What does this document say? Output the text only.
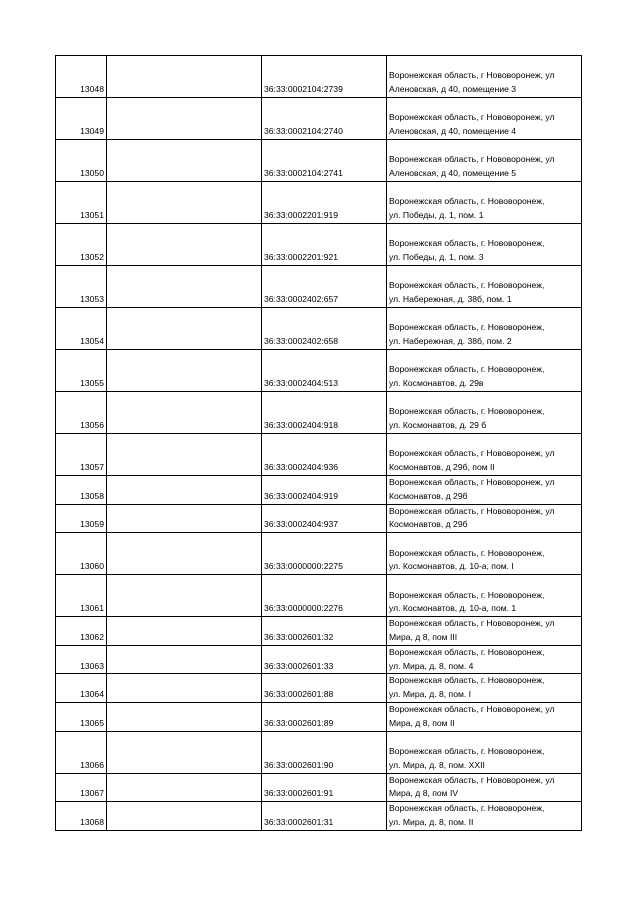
13048		36:33:0002104:2739	Воронежская область, г Нововоронеж, ул
Аленовская, д 40, помещение 3

13049		36:33:0002104:2740	Воронежская область, г Нововоронеж, ул
Аленовская, д 40, помещение 4

13050		36:33:0002104:2741	Воронежская область, г Нововоронеж, ул
Аленовская, д 40, помещение 5

13051		36:33:0002201:919	Воронежская область, г. Нововоронеж,
ул. Победы, д. 1, пом. 1

13052		36:33:0002201:921	Воронежская область, г. Нововоронеж,
ул. Победы, д. 1, пом. 3

13053		36:33:0002402:657	Воронежская область, г. Нововоронеж,
ул. Набережная, д. 38б, пом. 1

13054		36:33:0002402:658	Воронежская область, г. Нововоронеж,
ул. Набережная, д. 38б, пом. 2

13055		36:33:0002404:513	Воронежская область, г. Нововоронеж,
ул. Космонавтов, д. 29в

13056		36:33:0002404:918	Воронежская область, г. Нововоронеж,
ул. Космонавтов, д. 29 б

13057		36:33:0002404:936	Воронежская область, г Нововоронеж, ул
Космонавтов, д 29б, пом II

13058		36:33:0002404:919	Воронежская область, г Нововоронеж, ул
Космонавтов, д 29б

13059		36:33:0002404:937	Воронежская область, г Нововоронеж, ул
Космонавтов, д 29б

13060		36:33:0000000:2275	Воронежская область, г. Нововоронеж,
ул. Космонавтов, д. 10-а, пом. I

13061		36:33:0000000:2276	Воронежская область, г. Нововоронеж,
ул. Космонавтов, д. 10-а, пом. 1

13062		36:33:0002601:32	Воронежская область, г Нововоронеж, ул
Мира, д 8, пом III

13063		36:33:0002601:33	Воронежская область, г. Нововоронеж,
ул. Мира, д. 8, пом. 4

13064		36:33:0002601:88	Воронежская область, г. Нововоронеж,
ул. Мира, д. 8, пом. I

13065		36:33:0002601:89	Воронежская область, г Нововоронеж, ул
Мира, д 8, пом II

13066		36:33:0002601:90	Воронежская область, г. Нововоронеж,
ул. Мира, д. 8, пом. XXII

13067		36:33:0002601:91	Воронежская область, г Нововоронеж, ул
Мира, д 8, пом IV

13068		36:33:0002601:31	Воронежская область, г. Нововоронеж,
ул. Мира, д. 8, пом. II
